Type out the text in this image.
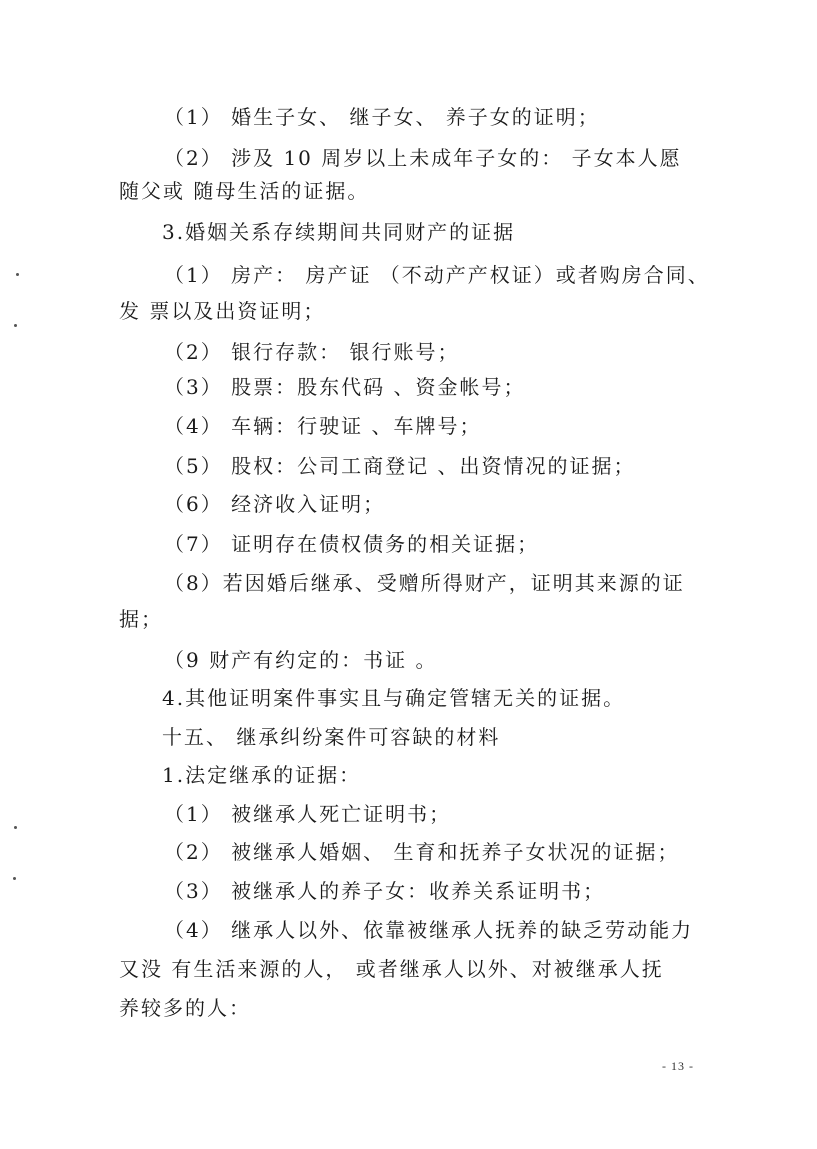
（1） 婚生子女、 继子女、 养子女的证明；
（2） 涉及 10 周岁以上未成年子女的： 子女本人愿
随父或 随母生活的证据。
3.婚姻关系存续期间共同财产的证据
（1） 房产： 房产证 （不动产产权证）或者购房合同、
发 票以及出资证明；
（2） 银行存款： 银行账号；
（3） 股票：股东代码 、资金帐号；
（4） 车辆：行驶证 、车牌号；
（5） 股权：公司工商登记 、出资情况的证据；
（6） 经济收入证明；
（7） 证明存在债权债务的相关证据；
（8）若因婚后继承、受赠所得财产，证明其来源的证
据；
（9 财产有约定的：书证 。
4.其他证明案件事实且与确定管辖无关的证据。
十五、 继承纠纷案件可容缺的材料
1.法定继承的证据：
（1） 被继承人死亡证明书；
（2） 被继承人婚姻、 生育和抚养子女状况的证据；
（3） 被继承人的养子女：收养关系证明书；
（4） 继承人以外、依靠被继承人抚养的缺乏劳动能力
又没 有生活来源的人， 或者继承人以外、对被继承人抚
养较多的人：
- 13 -
